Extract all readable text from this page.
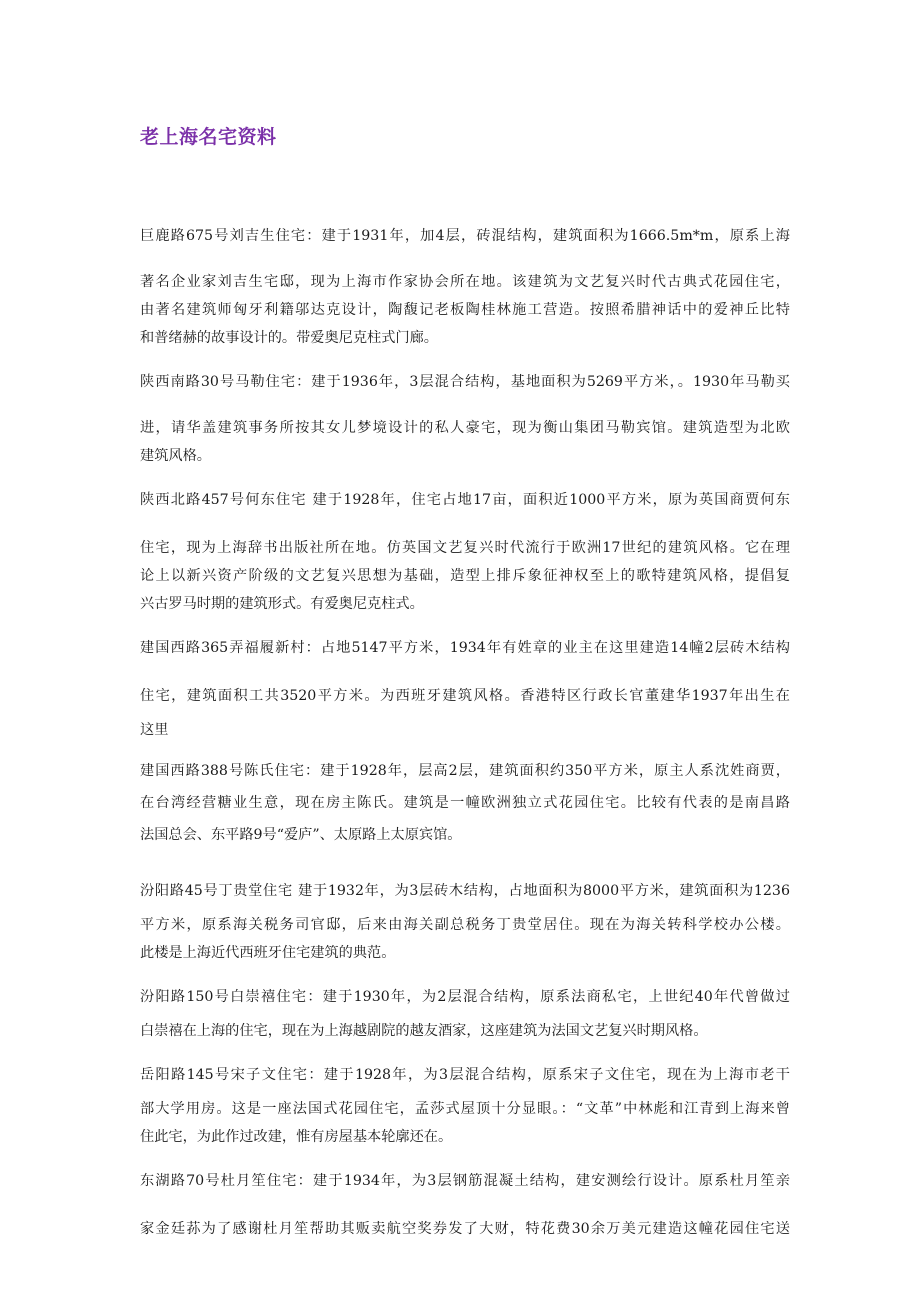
老上海名宅资料
巨鹿路675号刘吉生住宅：建于1931年，加4层，砖混结构，建筑面积为1666.5m*m，原系上海
著名企业家刘吉生宅邸，现为上海市作家协会所在地。该建筑为文艺复兴时代古典式花园住宅，
由著名建筑师匈牙利籍邬达克设计，陶馥记老板陶桂林施工营造。按照希腊神话中的爱神丘比特
和普绪赫的故事设计的。带爱奥尼克柱式门廊。
陕西南路30号马勒住宅：建于1936年，3层混合结构，基地面积为5269平方米，。1930年马勒买
进，请华盖建筑事务所按其女儿梦境设计的私人豪宅，现为衡山集团马勒宾馆。建筑造型为北欧
建筑风格。
陕西北路457号何东住宅 建于1928年，住宅占地17亩，面积近1000平方米，原为英国商贾何东
住宅，现为上海辞书出版社所在地。仿英国文艺复兴时代流行于欧洲17世纪的建筑风格。它在理
论上以新兴资产阶级的文艺复兴思想为基础，造型上排斥象征神权至上的歌特建筑风格，提倡复
兴古罗马时期的建筑形式。有爱奥尼克柱式。
建国西路365弄福履新村：占地5147平方米，1934年有姓章的业主在这里建造14幢2层砖木结构
住宅，建筑面积工共3520平方米。为西班牙建筑风格。香港特区行政长官董建华1937年出生在
这里
建国西路388号陈氏住宅：建于1928年，层高2层，建筑面积约350平方米，原主人系沈姓商贾，
在台湾经营糖业生意，现在房主陈氏。建筑是一幢欧洲独立式花园住宅。比较有代表的是南昌路
法国总会、东平路9号“爱庐”、太原路上太原宾馆。
汾阳路45号丁贵堂住宅 建于1932年，为3层砖木结构，占地面积为8000平方米，建筑面积为1236
平方米，原系海关税务司官邸，后来由海关副总税务丁贵堂居住。现在为海关转科学校办公楼。
此楼是上海近代西班牙住宅建筑的典范。
汾阳路150号白崇禧住宅：建于1930年，为2层混合结构，原系法商私宅，上世纪40年代曾做过
白崇禧在上海的住宅，现在为上海越剧院的越友酒家，这座建筑为法国文艺复兴时期风格。
岳阳路145号宋子文住宅：建于1928年，为3层混合结构，原系宋子文住宅，现在为上海市老干
部大学用房。这是一座法国式花园住宅，孟莎式屋顶十分显眼。：“文革”中林彪和江青到上海来曾
住此宅，为此作过改建，惟有房屋基本轮廓还在。
东湖路70号杜月笙住宅：建于1934年，为3层钢筋混凝土结构，建安测绘行设计。原系杜月笙亲
家金廷荪为了感谢杜月笙帮助其贩卖航空奖券发了大财，特花费30余万美元建造这幢花园住宅送
